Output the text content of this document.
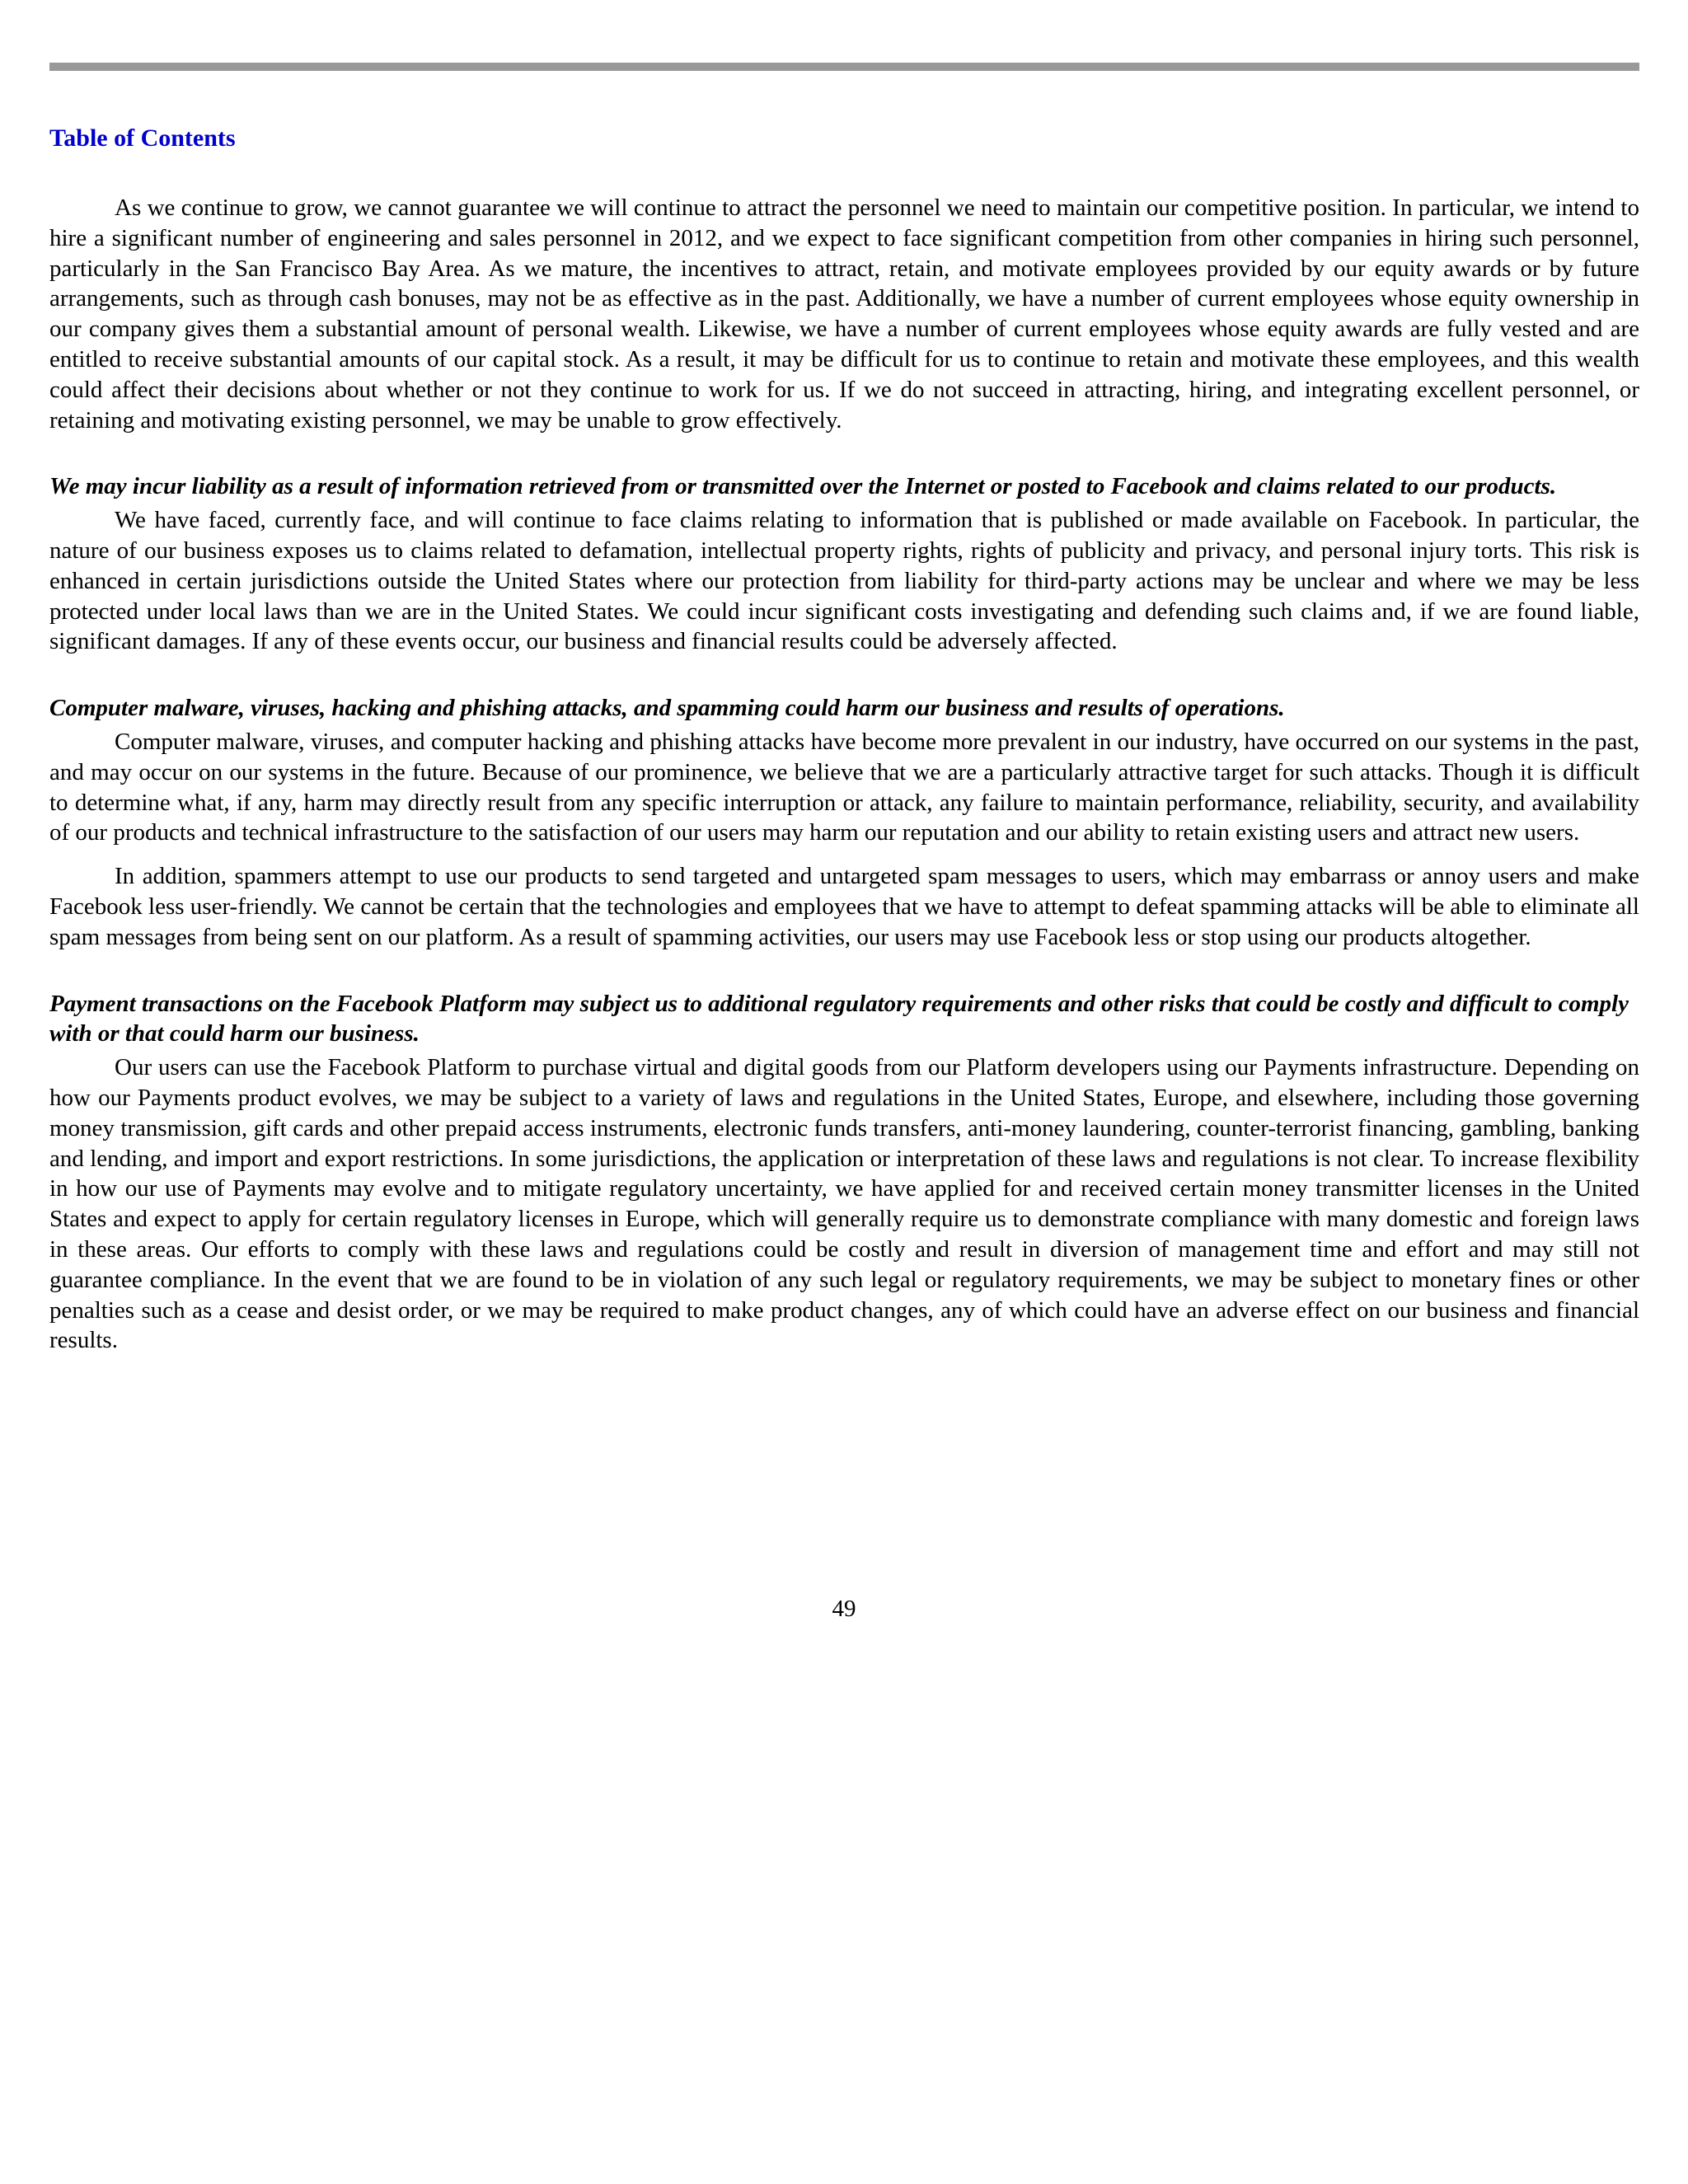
Table of Contents

As we continue to grow, we cannot guarantee we will continue to attract the personnel we need to maintain our competitive position. In particular, we intend to hire a significant number of engineering and sales personnel in 2012, and we expect to face significant competition from other companies in hiring such personnel, particularly in the San Francisco Bay Area. As we mature, the incentives to attract, retain, and motivate employees provided by our equity awards or by future arrangements, such as through cash bonuses, may not be as effective as in the past. Additionally, we have a number of current employees whose equity ownership in our company gives them a substantial amount of personal wealth. Likewise, we have a number of current employees whose equity awards are fully vested and are entitled to receive substantial amounts of our capital stock. As a result, it may be difficult for us to continue to retain and motivate these employees, and this wealth could affect their decisions about whether or not they continue to work for us. If we do not succeed in attracting, hiring, and integrating excellent personnel, or retaining and motivating existing personnel, we may be unable to grow effectively.

We may incur liability as a result of information retrieved from or transmitted over the Internet or posted to Facebook and claims related to our products.

We have faced, currently face, and will continue to face claims relating to information that is published or made available on Facebook. In particular, the nature of our business exposes us to claims related to defamation, intellectual property rights, rights of publicity and privacy, and personal injury torts. This risk is enhanced in certain jurisdictions outside the United States where our protection from liability for third-party actions may be unclear and where we may be less protected under local laws than we are in the United States. We could incur significant costs investigating and defending such claims and, if we are found liable, significant damages. If any of these events occur, our business and financial results could be adversely affected.

Computer malware, viruses, hacking and phishing attacks, and spamming could harm our business and results of operations.

Computer malware, viruses, and computer hacking and phishing attacks have become more prevalent in our industry, have occurred on our systems in the past, and may occur on our systems in the future. Because of our prominence, we believe that we are a particularly attractive target for such attacks. Though it is difficult to determine what, if any, harm may directly result from any specific interruption or attack, any failure to maintain performance, reliability, security, and availability of our products and technical infrastructure to the satisfaction of our users may harm our reputation and our ability to retain existing users and attract new users.

In addition, spammers attempt to use our products to send targeted and untargeted spam messages to users, which may embarrass or annoy users and make Facebook less user-friendly. We cannot be certain that the technologies and employees that we have to attempt to defeat spamming attacks will be able to eliminate all spam messages from being sent on our platform. As a result of spamming activities, our users may use Facebook less or stop using our products altogether.

Payment transactions on the Facebook Platform may subject us to additional regulatory requirements and other risks that could be costly and difficult to comply with or that could harm our business.

Our users can use the Facebook Platform to purchase virtual and digital goods from our Platform developers using our Payments infrastructure. Depending on how our Payments product evolves, we may be subject to a variety of laws and regulations in the United States, Europe, and elsewhere, including those governing money transmission, gift cards and other prepaid access instruments, electronic funds transfers, anti-money laundering, counter-terrorist financing, gambling, banking and lending, and import and export restrictions. In some jurisdictions, the application or interpretation of these laws and regulations is not clear. To increase flexibility in how our use of Payments may evolve and to mitigate regulatory uncertainty, we have applied for and received certain money transmitter licenses in the United States and expect to apply for certain regulatory licenses in Europe, which will generally require us to demonstrate compliance with many domestic and foreign laws in these areas. Our efforts to comply with these laws and regulations could be costly and result in diversion of management time and effort and may still not guarantee compliance. In the event that we are found to be in violation of any such legal or regulatory requirements, we may be subject to monetary fines or other penalties such as a cease and desist order, or we may be required to make product changes, any of which could have an adverse effect on our business and financial results.

49
